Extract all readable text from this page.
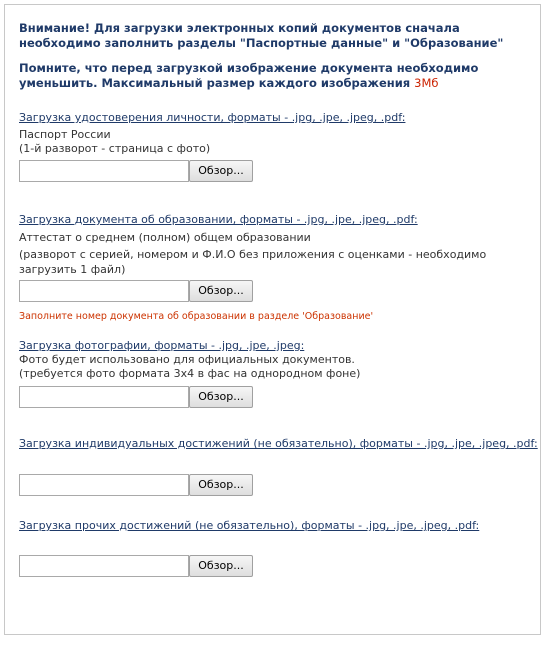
Внимание! Для загрузки электронных копий документов сначала необходимо заполнить разделы "Паспортные данные" и "Образование"
Помните, что перед загрузкой изображение документа необходимо уменьшить. Максимальный размер каждого изображения 3Мб
Загрузка удостоверения личности, форматы - .jpg, .jpe, .jpeg, .pdf:
Паспорт России
(1-й разворот - страница с фото)
Обзор...
Загрузка документа об образовании, форматы - .jpg, .jpe, .jpeg, .pdf:
Аттестат о среднем (полном) общем образовании
(разворот с серией, номером и Ф.И.О без приложения с оценками - необходимо загрузить 1 файл)
Обзор...
Заполните номер документа об образовании в разделе 'Образование'
Загрузка фотографии, форматы - .jpg, .jpe, .jpeg:
Фото будет использовано для официальных документов.
(требуется фото формата 3х4 в фас на однородном фоне)
Обзор...
Загрузка индивидуальных достижений (не обязательно), форматы - .jpg, .jpe, .jpeg, .pdf:
Обзор...
Загрузка прочих достижений (не обязательно), форматы - .jpg, .jpe, .jpeg, .pdf:
Обзор...
